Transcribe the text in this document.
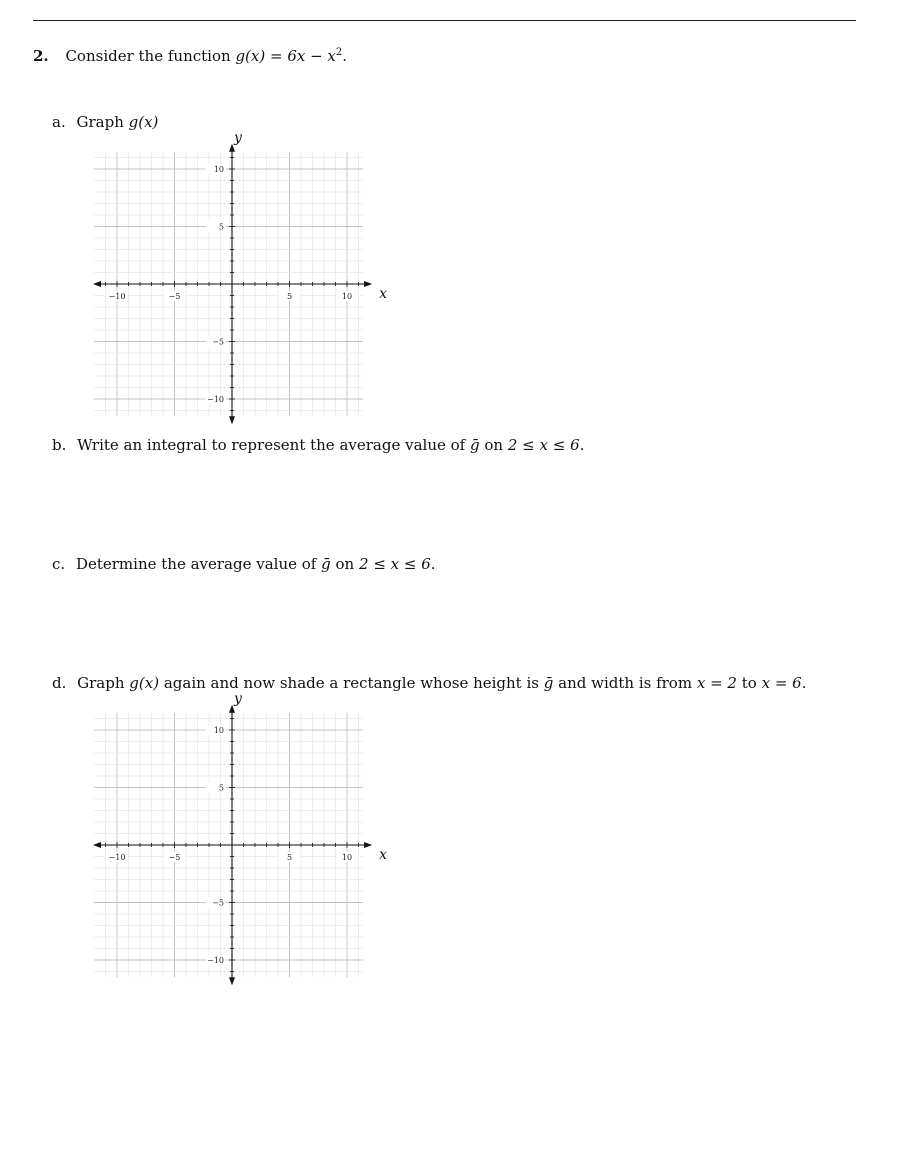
2. Consider the function $g(x) = 6x - x^2$.
a. Graph g(x)
−10	−5	5	10
10
5
−5
−10
x
y
b. Write an integral to represent the average value of ḡ on 2 ≤ x ≤ 6.
c. Determine the average value of ḡ on 2 ≤ x ≤ 6.
d. Graph g(x) again and now shade a rectangle whose height is ḡ and width is from x = 2 to x = 6.
−10	−5	5	10
10
5
−5
−10
x
y
